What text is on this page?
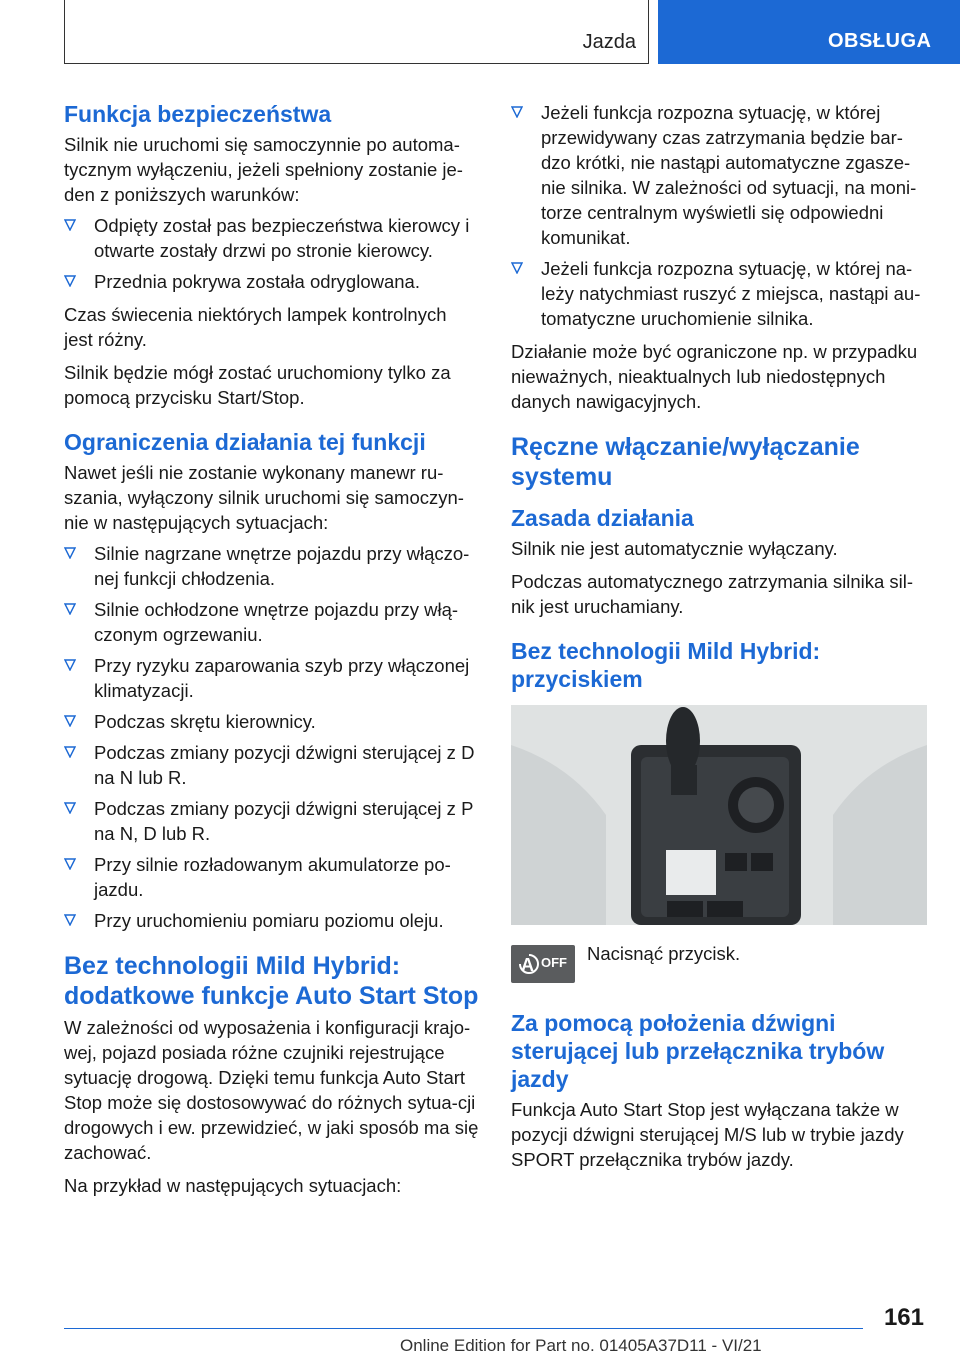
Jazda	OBSŁUGA
Funkcja bezpieczeństwa

Silnik nie uruchomi się samoczynnie po automa-tycznym wyłączeniu, jeżeli spełniony zostanie je-den z poniższych warunków:

Odpięty został pas bezpieczeństwa kierowcy i otwarte zostały drzwi po stronie kierowcy.
Przednia pokrywa została odryglowana.

Czas świecenia niektórych lampek kontrolnych jest różny.

Silnik będzie mógł zostać uruchomiony tylko za pomocą przycisku Start/Stop.

Ograniczenia działania tej funkcji

Nawet jeśli nie zostanie wykonany manewr ru-szania, wyłączony silnik uruchomi się samoczyn-nie w następujących sytuacjach:

Silnie nagrzane wnętrze pojazdu przy włączo-nej funkcji chłodzenia.
Silnie ochłodzone wnętrze pojazdu przy włą-czonym ogrzewaniu.
Przy ryzyku zaparowania szyb przy włączonej klimatyzacji.
Podczas skrętu kierownicy.
Podczas zmiany pozycji dźwigni sterującej z D na N lub R.
Podczas zmiany pozycji dźwigni sterującej z P na N, D lub R.
Przy silnie rozładowanym akumulatorze po-jazdu.
Przy uruchomieniu pomiaru poziomu oleju.
Bez technologii Mild Hybrid: dodatkowe funkcje Auto Start Stop

W zależności od wyposażenia i konfiguracji krajo-wej, pojazd posiada różne czujniki rejestrujące sytuację drogową. Dzięki temu funkcja Auto Start Stop może się dostosowywać do różnych sytua-cji drogowych i ew. przewidzieć, w jaki sposób ma się zachować.

Na przykład w następujących sytuacjach:

Jeżeli funkcja rozpozna sytuację, w której przewidywany czas zatrzymania będzie bar-dzo krótki, nie nastąpi automatyczne zgasze-nie silnika. W zależności od sytuacji, na moni-torze centralnym wyświetli się odpowiedni komunikat.
Jeżeli funkcja rozpozna sytuację, w której na-leży natychmiast ruszyć z miejsca, nastąpi au-tomatyczne uruchomienie silnika.

Działanie może być ograniczone np. w przypadku nieważnych, nieaktualnych lub niedostępnych danych nawigacyjnych.

Ręczne włączanie/wyłączanie systemu
Zasada działania

Silnik nie jest automatycznie wyłączany.

Podczas automatycznego zatrzymania silnika sil-nik jest uruchamiany.

Bez technologii Mild Hybrid: przyciskiem
A OFF Nacisnąć przycisk.
Za pomocą położenia dźwigni sterującej lub przełącznika trybów jazdy

Funkcja Auto Start Stop jest wyłączana także w pozycji dźwigni sterującej M/S lub w trybie jazdy SPORT przełącznika trybów jazdy.

161
Online Edition for Part no. 01405A37D11 - VI/21
